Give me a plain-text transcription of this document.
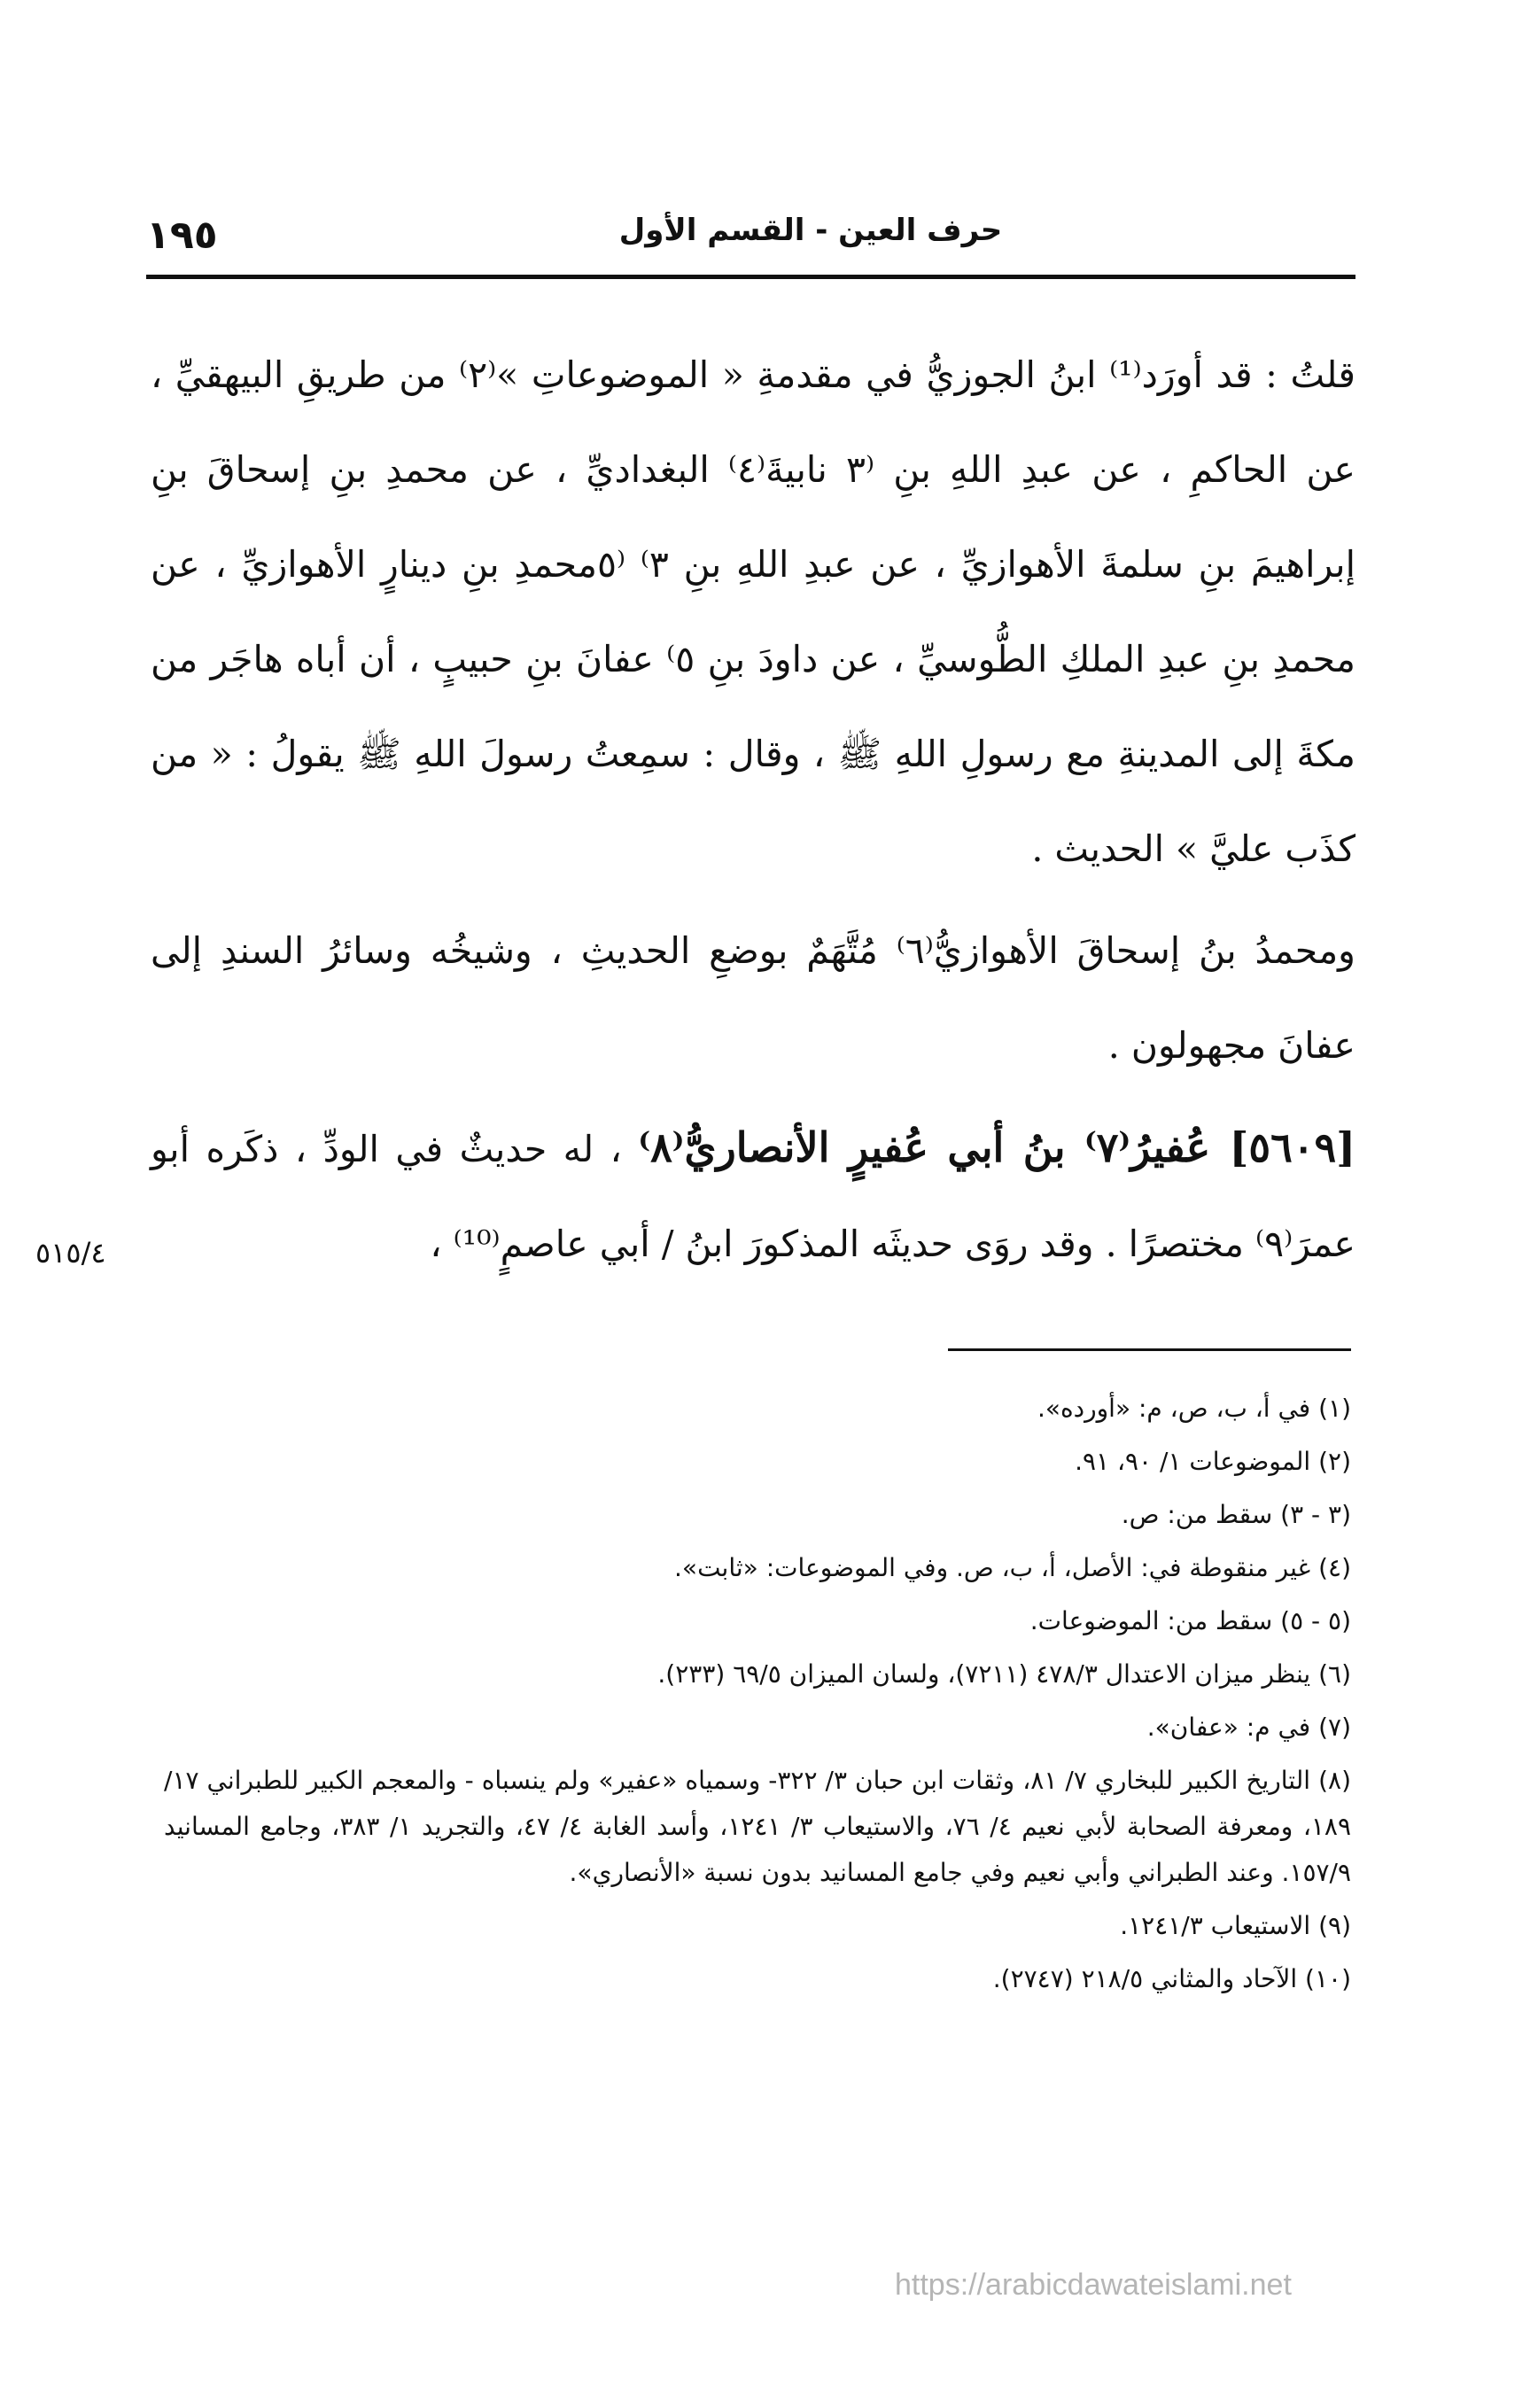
١٩٥	حرف العين - القسم الأول

قلتُ : قد أورَد⁽¹⁾ ابنُ الجوزيُّ في مقدمةِ « الموضوعاتِ »⁽٢⁾ من طريقِ البيهقيِّ ، عن الحاكمِ ، عن عبدِ اللهِ بنِ ⁽٣ نابيةَ⁽٤⁾ البغداديِّ ، عن محمدِ بنِ إسحاقَ بنِ إبراهيمَ بنِ سلمةَ الأهوازيِّ ، عن عبدِ اللهِ بنِ ٣⁾ ⁽٥محمدِ بنِ دينارٍ الأهوازيِّ ، عن محمدِ بنِ عبدِ الملكِ الطُّوسيِّ ، عن داودَ بنِ ٥⁾ عفانَ بنِ حبيبٍ ، أن أباه هاجَر من مكةَ إلى المدينةِ مع رسولِ اللهِ ﷺ ، وقال : سمِعتُ رسولَ اللهِ ﷺ يقولُ : « من كذَب عليَّ » الحديث .

ومحمدُ بنُ إسحاقَ الأهوازيُّ⁽٦⁾ مُتَّهَمٌ بوضعِ الحديثِ ، وشيخُه وسائرُ السندِ إلى عفانَ مجهولون .

[٥٦٠٩] عُفيرُ⁽٧⁾ بنُ أبي عُفيرٍ الأنصاريُّ⁽٨⁾ ، له حديثٌ في الودِّ ، ذكَره أبو عمرَ⁽٩⁾ مختصرًا . وقد روَى حديثَه المذكورَ ابنُ / أبي عاصمٍ⁽¹⁰⁾ ،

٥١٥/٤

(١) في أ، ب، ص، م: «أورده».

(٢) الموضوعات ١/ ٩٠، ٩١.

(٣ - ٣) سقط من: ص.

(٤) غير منقوطة في: الأصل، أ، ب، ص. وفي الموضوعات: «ثابت».

(٥ - ٥) سقط من: الموضوعات.

(٦) ينظر ميزان الاعتدال ٤٧٨/٣ (٧٢١١)، ولسان الميزان ٦٩/٥ (٢٣٣).

(٧) في م: «عفان».

(٨) التاريخ الكبير للبخاري ٧/ ٨١، وثقات ابن حبان ٣/ ٣٢٢- وسمياه «عفير» ولم ينسباه - والمعجم الكبير للطبراني ١٧/ ١٨٩، ومعرفة الصحابة لأبي نعيم ٤/ ٧٦، والاستيعاب ٣/ ١٢٤١، وأسد الغابة ٤/ ٤٧، والتجريد ١/ ٣٨٣، وجامع المسانيد ١٥٧/٩. وعند الطبراني وأبي نعيم وفي جامع المسانيد بدون نسبة «الأنصاري».

(٩) الاستيعاب ١٢٤١/٣.

(١٠) الآحاد والمثاني ٢١٨/٥ (٢٧٤٧).

https://arabicdawateislami.net
